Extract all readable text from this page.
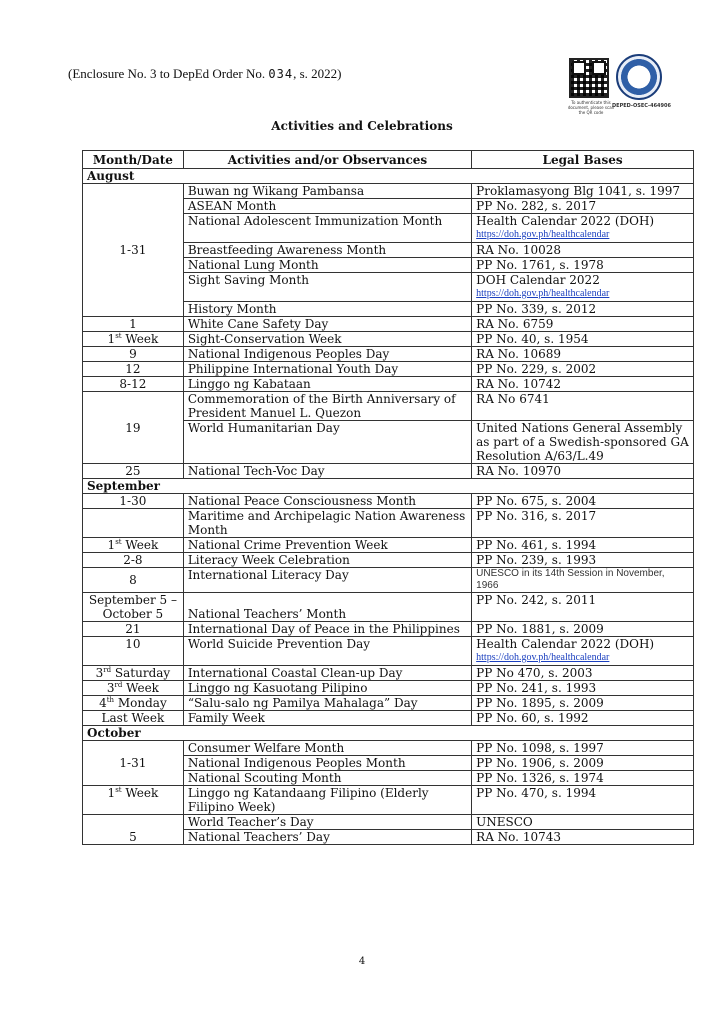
(Enclosure No. 3 to DepEd Order No. 034, s. 2022)
To authenticate this document, please scan the QR code
DEPED-OSEC-464906
Activities and Celebrations
Month/Date	Activities and/or Observances	Legal Bases
August		
1-31	Buwan ng Wikang Pambansa	Proklamasyong Blg 1041, s. 1997
	ASEAN Month	PP No. 282, s. 2017
	National Adolescent Immunization Month	Health Calendar 2022 (DOH)
https://doh.gov.ph/healthcalendar

	Breastfeeding Awareness Month	RA No. 10028
	National Lung Month	PP No. 1761, s. 1978
	Sight Saving Month	DOH Calendar 2022
https://doh.gov.ph/healthcalendar

	History Month	PP No. 339, s. 2012
1	White Cane Safety Day	RA No. 6759
1st Week	Sight-Conservation Week	PP No. 40, s. 1954
9	National Indigenous Peoples Day	RA No. 10689
12	Philippine International Youth Day	PP No. 229, s. 2002
8-12	Linggo ng Kabataan	RA No. 10742
19	Commemoration of the Birth Anniversary of President Manuel L. Quezon	RA No 6741
	World Humanitarian Day	United Nations General Assembly as part of a Swedish-sponsored GA Resolution A/63/L.49
25	National Tech-Voc Day	RA No. 10970
September		
1-30	National Peace Consciousness Month	PP No. 675, s. 2004
	Maritime and Archipelagic Nation Awareness Month	PP No. 316, s. 2017
1st Week	National Crime Prevention Week	PP No. 461, s. 1994
2-8	Literacy Week Celebration	PP No. 239, s. 1993
8	International Literacy Day	UNESCO in its 14th Session in November, 1966
September 5 –October 5	National Teachers’ Month	PP No. 242, s. 2011
21	International Day of Peace in the Philippines	PP No. 1881, s. 2009
10	World Suicide Prevention Day	Health Calendar 2022 (DOH)
https://doh.gov.ph/healthcalendar

3rd Saturday	International Coastal Clean-up Day	PP No 470, s. 2003
3rd Week	Linggo ng Kasuotang Pilipino	PP No. 241, s. 1993
4th Monday	“Salu-salo ng Pamilya Mahalaga” Day	PP No. 1895, s. 2009
Last Week	Family Week	PP No. 60, s. 1992
October		
1-31	Consumer Welfare Month	PP No. 1098, s. 1997
	National Indigenous Peoples Month	PP No. 1906, s. 2009
	National Scouting Month	PP No. 1326, s. 1974
1st Week	Linggo ng Katandaang Filipino (Elderly Filipino Week)	PP No. 470, s. 1994
5	World Teacher’s Day	UNESCO
	National Teachers’ Day	RA No. 10743
4
